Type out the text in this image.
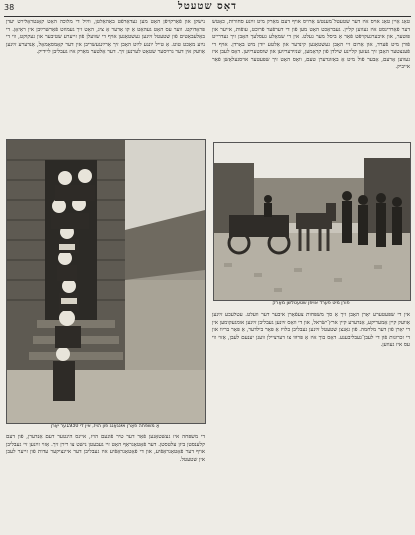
38	דאָס שטעטל

נישקן און פֿאַרקויפֿן האָט מען געדאַרפֿט באַהאַלטן, ווײַל די מלוכה האָט קאָנטראָלירט יעדן פּראָדוקט. ווער עס האָט געהאַט אַ קו אָדער אַ ציג, האָט זיך געמוזט פֿאַרשרײַבן אין ראַיאָן. די באַלעבאַטים פֿון שטעטל זײַנען געשטאַנען אויף די שוועלן פֿון זייערע שטיבער און געקוקט, ווי די נײַע מאַכט טוט. אַ טייל יונגע לײַט האָבן זיך אַרײַנגעשריבן אין דער קאָמסאָמאָל, אַנדערע זײַנען אַוועק אין דער גרויסער שטאָט לערנען זיך. דער אַלטער מאַרק איז געבליבן ליידיק.

טאָג אַיין טאָג אויס איז דער שטעטל־מענטש אַרויס אויף דעם מאַרק מיט זײַנע סחורות, כאָטש דער פֿאַרדינסט איז געווען קליין. געבראַכט האָט מען פֿון די דערפֿער פֿרוכט, עופֿות, אייער און פּוטער, און איבערגעקויפֿט פֿאַר אַ ביסל מער געלט. אין די שמאָלע געסלעך האָבן זיך געדרייט פֿורן מיט פֿערד, און אַרום זיי האָבן געשטאַנען קינדער און אַלטע ייִדן מיט באָרדן. אויף די פֿענצטער האָבן זיך געזען קליינע שילדן פֿון קראָמען, שנײַדערײַען און שוסטערײַען. דאָס לעבן איז געווען אָרעם, אָבער פֿול מיט אַ באַזונדערן טעם, וואָס האָט זיך שפּעטער אויסגעלאָשן פֿאַר אייביק.

אַ משפּחה פֿאַרן אײַנגאַנג פֿון הויז, אין די 1930ער יאָרן
פֿורן מיט פֿערד אויפֿן שטעטלשן מאַרק

די משפּחה איז געשטאַנען פֿאַר דער טיר פֿונעם הויז, איינס הינטער דעם אַנדערן, פֿון דעם קלענסטן ביזן עלטסטן. דער פֿאָטאָגראַף האָט זיי געבעטן נישט צו רירן זיך. אַזוי זײַנען זיי געבליבן אויף דער פֿאָטאָגראַפֿיע, און די פֿאָטאָגראַפֿיע איז געבליבן דער איינציקער עדות פֿון זייער לעבן אין שטעטל.

אין די שפּעטערע יאָרן האָבן זיך אַ סך משפּחות צעפֿאָרן איבער דער וועלט. עטלעכע זײַנען אַוועק קיין אַמעריקע, אַנדערע קיין ארץ־ישׂראל, און די וואָס זײַנען געבליבן זײַנען אומגעקומען אין די יאָרן פֿון דער מלחמה. פֿון גאַנצן שטעטל זײַנען געבליבן בלויז אַ פּאָר בילדער, אַ פּאָר בריוו און די זכרונות פֿון די לעבן־געבליבענע. דאָס בוך איז אַ פּרוּוו צו דערציילן וועגן יענעם לעבן, אַזוי ווי עס איז געווען.
